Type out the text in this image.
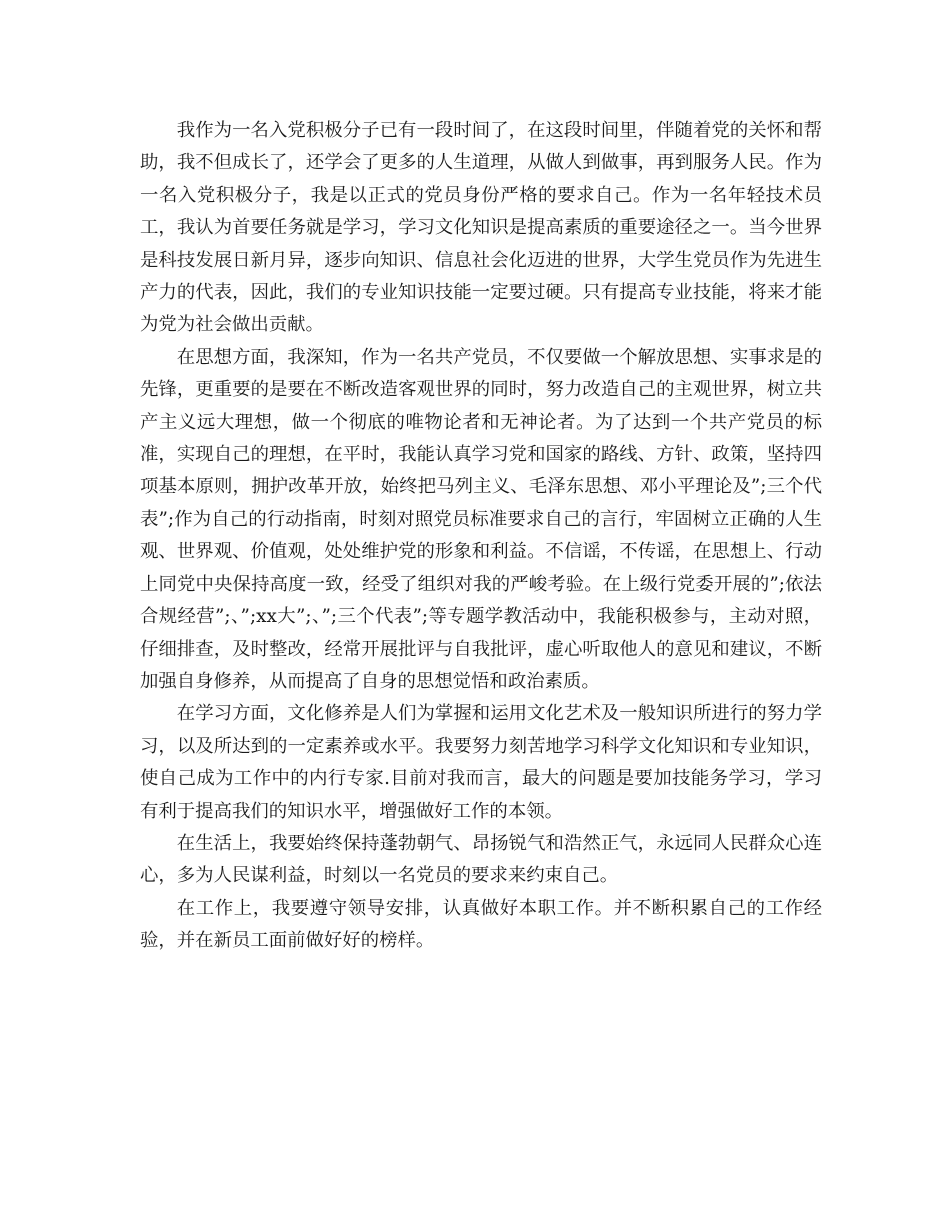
我作为一名入党积极分子已有一段时间了，在这段时间里，伴随着党的关怀和帮助，我不但成长了，还学会了更多的人生道理，从做人到做事，再到服务人民。作为一名入党积极分子，我是以正式的党员身份严格的要求自己。作为一名年轻技术员工，我认为首要任务就是学习，学习文化知识是提高素质的重要途径之一。当今世界是科技发展日新月异，逐步向知识、信息社会化迈进的世界，大学生党员作为先进生产力的代表，因此，我们的专业知识技能一定要过硬。只有提高专业技能，将来才能为党为社会做出贡献。

在思想方面，我深知，作为一名共产党员，不仅要做一个解放思想、实事求是的先锋，更重要的是要在不断改造客观世界的同时，努力改造自己的主观世界，树立共产主义远大理想，做一个彻底的唯物论者和无神论者。为了达到一个共产党员的标准，实现自己的理想，在平时，我能认真学习党和国家的路线、方针、政策，坚持四项基本原则，拥护改革开放，始终把马列主义、毛泽东思想、邓小平理论及”;三个代表”;作为自己的行动指南，时刻对照党员标准要求自己的言行，牢固树立正确的人生观、世界观、价值观，处处维护党的形象和利益。不信谣，不传谣，在思想上、行动上同党中央保持高度一致，经受了组织对我的严峻考验。在上级行党委开展的”;依法合规经营”;、”;xx大”;、”;三个代表”;等专题学教活动中，我能积极参与，主动对照，仔细排查，及时整改，经常开展批评与自我批评，虚心听取他人的意见和建议，不断加强自身修养，从而提高了自身的思想觉悟和政治素质。

在学习方面，文化修养是人们为掌握和运用文化艺术及一般知识所进行的努力学习，以及所达到的一定素养或水平。我要努力刻苦地学习科学文化知识和专业知识，使自己成为工作中的内行专家.目前对我而言，最大的问题是要加技能务学习，学习有利于提高我们的知识水平，增强做好工作的本领。

在生活上，我要始终保持蓬勃朝气、昂扬锐气和浩然正气，永远同人民群众心连心，多为人民谋利益，时刻以一名党员的要求来约束自己。

在工作上，我要遵守领导安排，认真做好本职工作。并不断积累自己的工作经验，并在新员工面前做好好的榜样。
